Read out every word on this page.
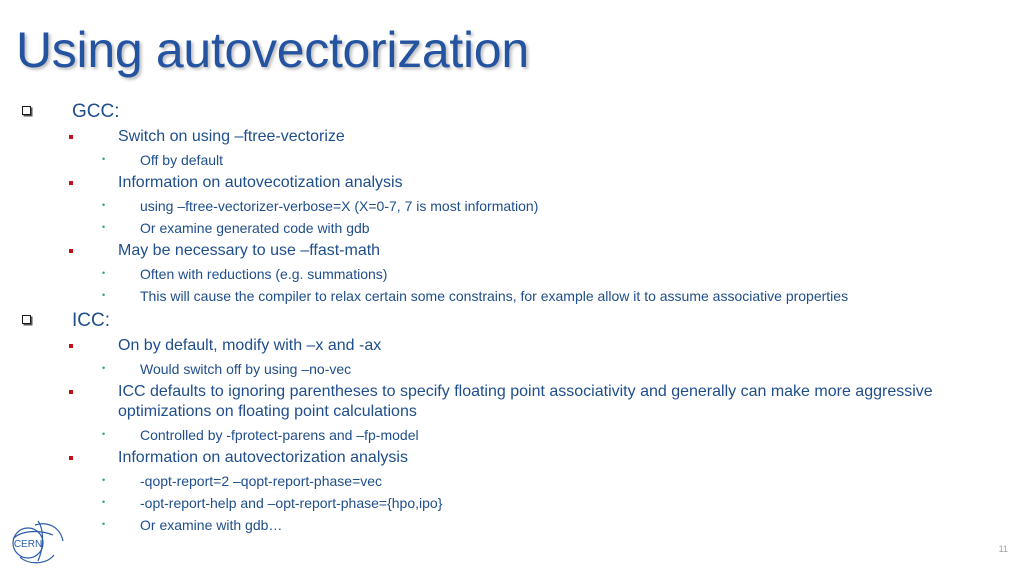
Using autovectorization
GCC:
Switch on using –ftree-vectorize
• Off by default
Information on autovecotization analysis
• using –ftree-vectorizer-verbose=X (X=0-7, 7 is most information)
• Or examine generated code with gdb
May be necessary to use –ffast-math
• Often with reductions (e.g. summations)
• This will cause the compiler to relax certain some constrains, for example allow it to assume associative properties
ICC:
On by default, modify with –x and -ax
• Would switch off by using –no-vec
ICC defaults to ignoring parentheses to specify floating point associativity and generally can make more aggressive optimizations on floating point calculations
• Controlled by -fprotect-parens and –fp-model
Information on autovectorization analysis
• -qopt-report=2 –qopt-report-phase=vec
• -opt-report-help and –opt-report-phase={hpo,ipo}
• Or examine with gdb…
CERN	11
